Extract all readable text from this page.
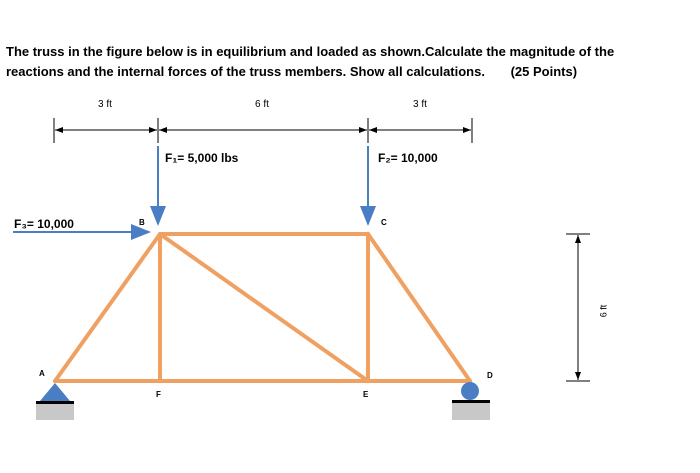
The truss in the figure below is in equilibrium and loaded as shown.Calculate the magnitude of the
reactions and the internal forces of the truss members. Show all calculations. (25 Points)
3 ft	6 ft	3 ft
6 ft
F₁= 5,000 lbs	F₂= 10,000
F₃= 10,000
A
B	C
D
E
F
